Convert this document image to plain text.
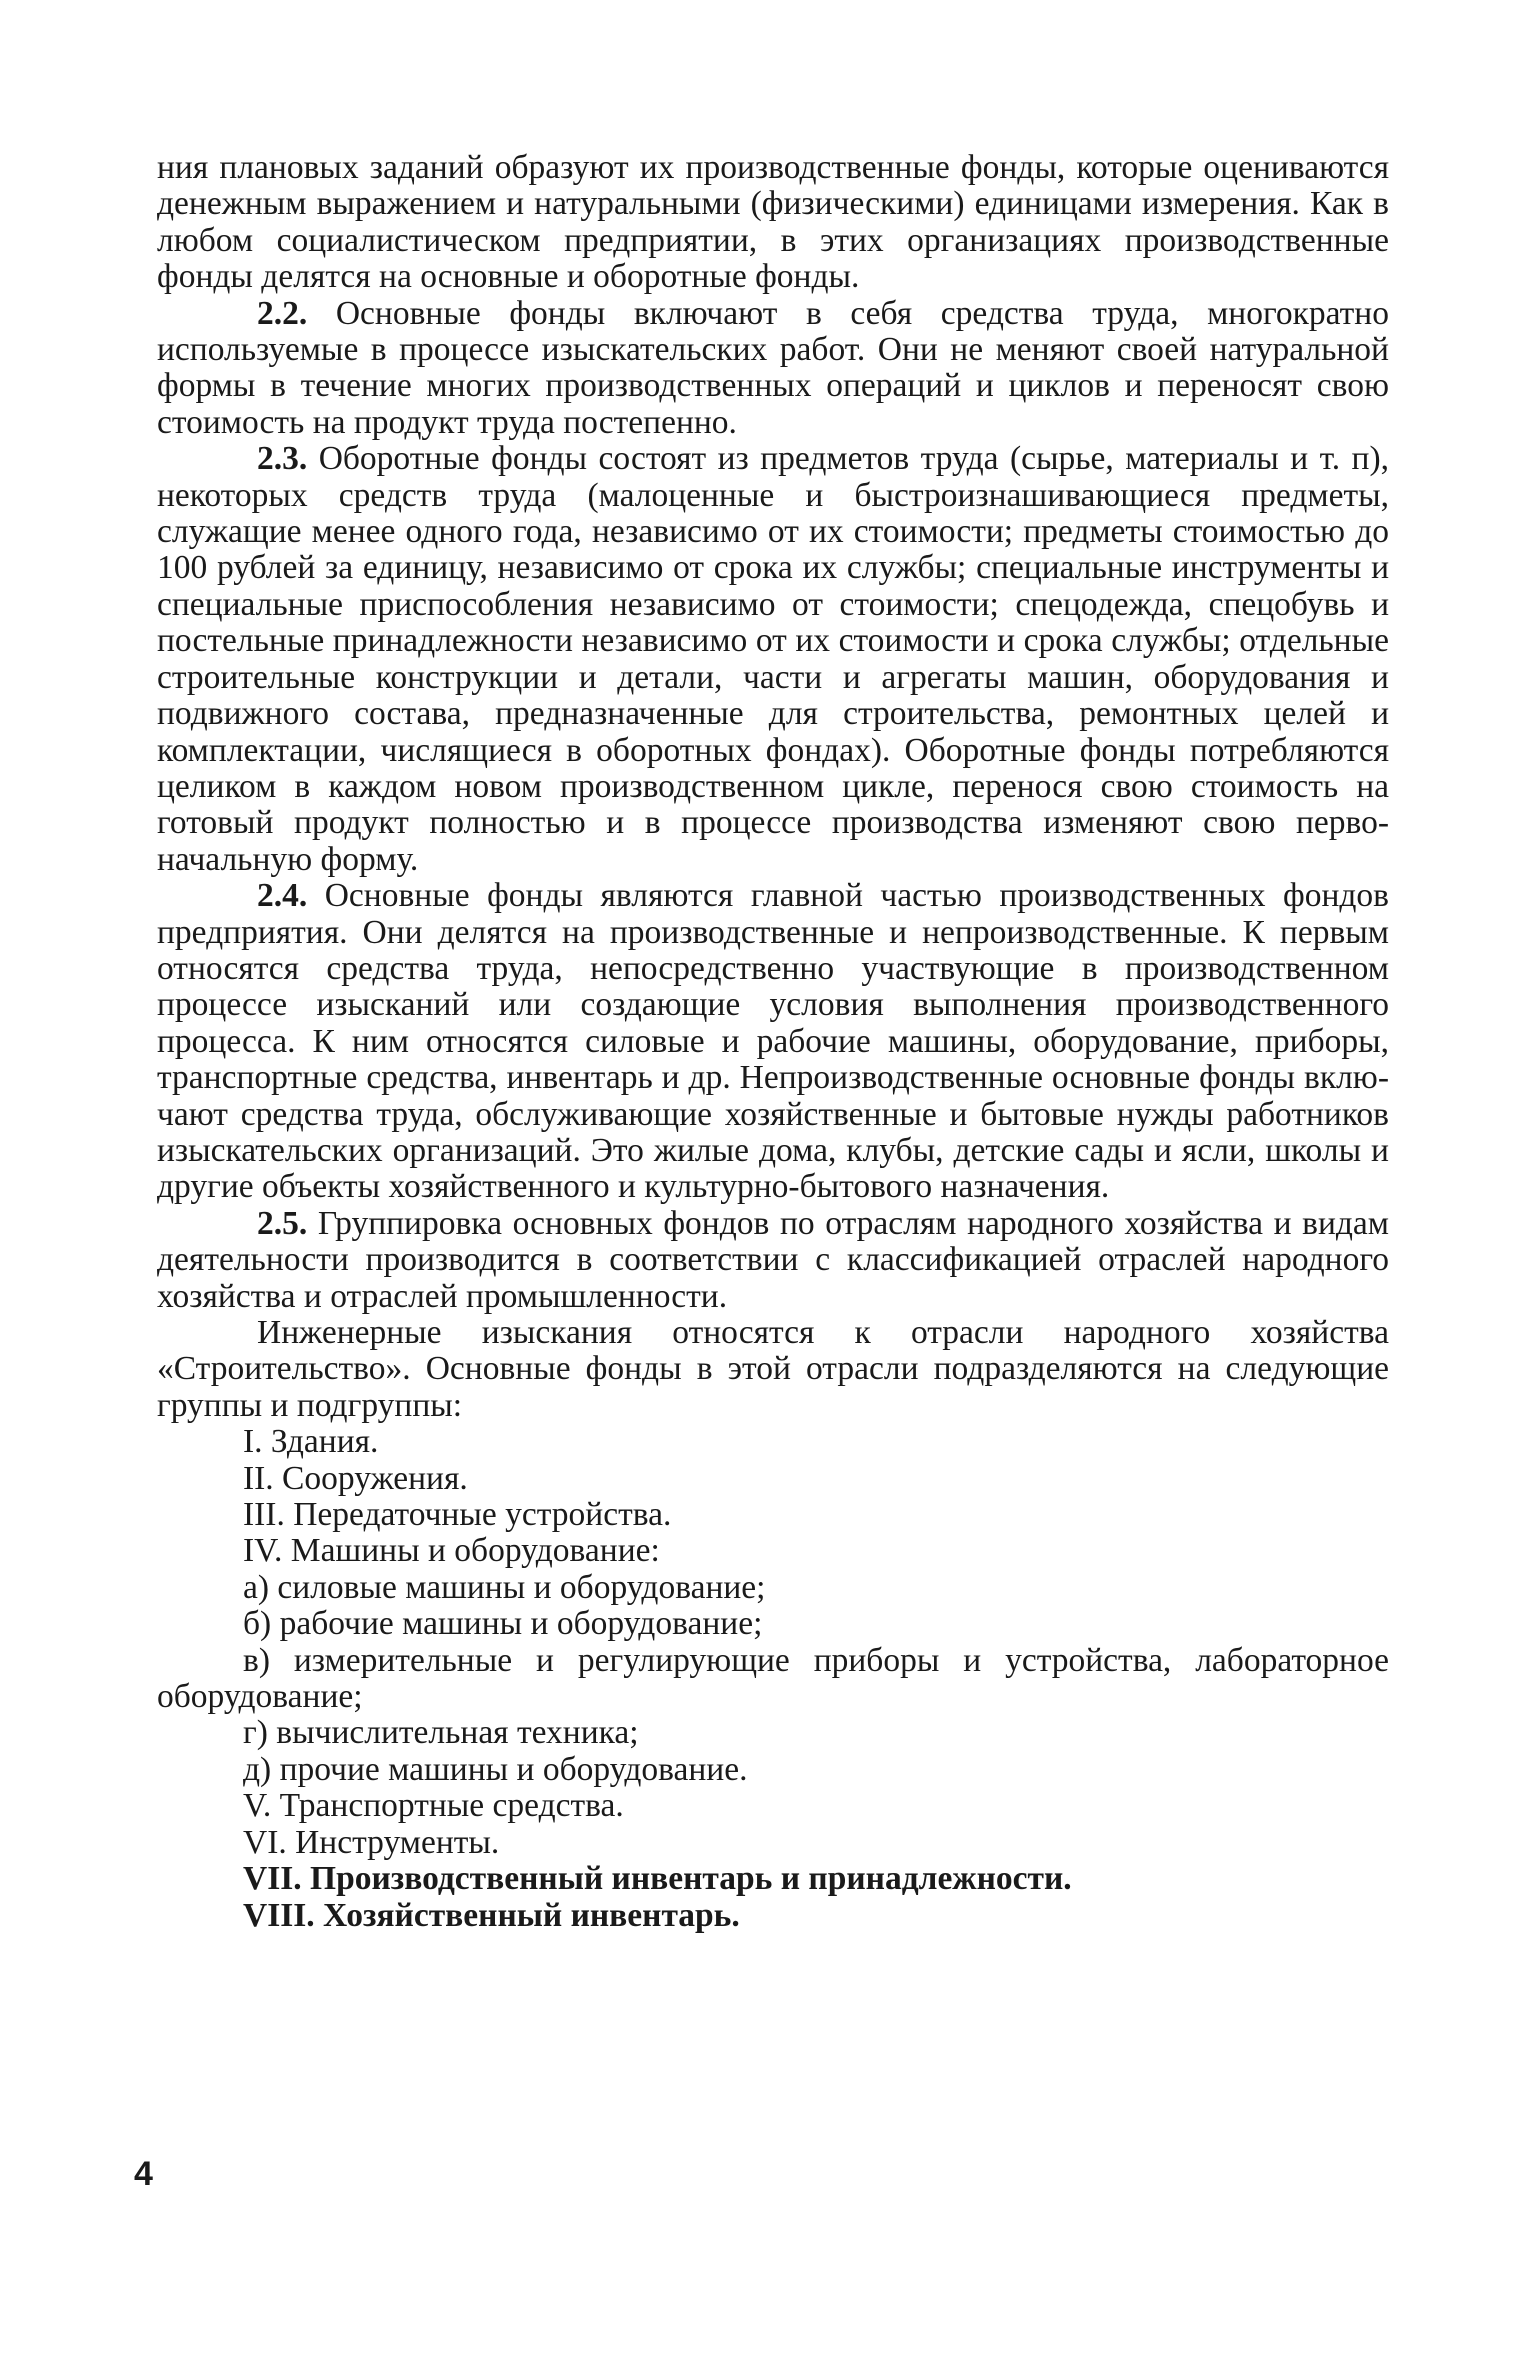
ния плановых заданий образуют их производственные фонды, которые оцениваются денежным выражением и натуральными (физическими) единицами измерения. Как в любом социалистическом предприятии, в этих организациях производственные фонды делятся на основные и оборотные фонды.

2.2. Основные фонды включают в себя средства труда, многократно используемые в процессе изыскательских работ. Они не меняют своей натуральной формы в течение многих производственных операций и циклов и переносят свою стоимость на продукт труда постепенно.

2.3. Оборотные фонды состоят из предметов труда (сырье, материалы и т. п), некоторых средств труда (малоценные и быстроизнашивающиеся предметы, служащие менее одного года, независимо от их стоимости; предметы стоимостью до 100 рублей за единицу, независимо от срока их службы; специальные инструменты и специальные приспособления независимо от стоимости; спецодежда, спецобувь и постельные принадлежности независимо от их стоимости и срока службы; отдельные строительные конструкции и детали, части и агрегаты машин, оборудования и подвижного состава, предназначенные для строительства, ремонтных целей и комплектации, числящиеся в оборотных фондах). Оборотные фонды потребляются целиком в каждом новом производственном цикле, перенося свою стоимость на готовый продукт полностью и в процессе производства изменяют свою первоначальную форму.

2.4. Основные фонды являются главной частью производственных фондов предприятия. Они делятся на производственные и непроизводственные. К первым относятся средства труда, непосредственно участвующие в производственном процессе изысканий или создающие условия выполнения производственного процесса. К ним относятся силовые и рабочие машины, оборудование, приборы, транспортные средства, инвентарь и др. Непроизводственные основные фонды включают средства труда, обслуживающие хозяйственные и бытовые нужды работников изыскательских организаций. Это жилые дома, клубы, детские сады и ясли, школы и другие объекты хозяйственного и культурно-бытового назначения.

2.5. Группировка основных фондов по отраслям народного хозяйства и видам деятельности производится в соответствии с классификацией отраслей народного хозяйства и отраслей промышленности.

Инженерные изыскания относятся к отрасли народного хозяйства «Строительство». Основные фонды в этой отрасли подразделяются на следующие группы и подгруппы:

I. Здания.
II. Сооружения.
III. Передаточные устройства.
IV. Машины и оборудование:
а) силовые машины и оборудование;
б) рабочие машины и оборудование;
в) измерительные и регулирующие приборы и устройства, лабораторное оборудование;
г) вычислительная техника;
д) прочие машины и оборудование.
V. Транспортные средства.
VI. Инструменты.
VII. Производственный инвентарь и принадлежности.
VIII. Хозяйственный инвентарь.
4
